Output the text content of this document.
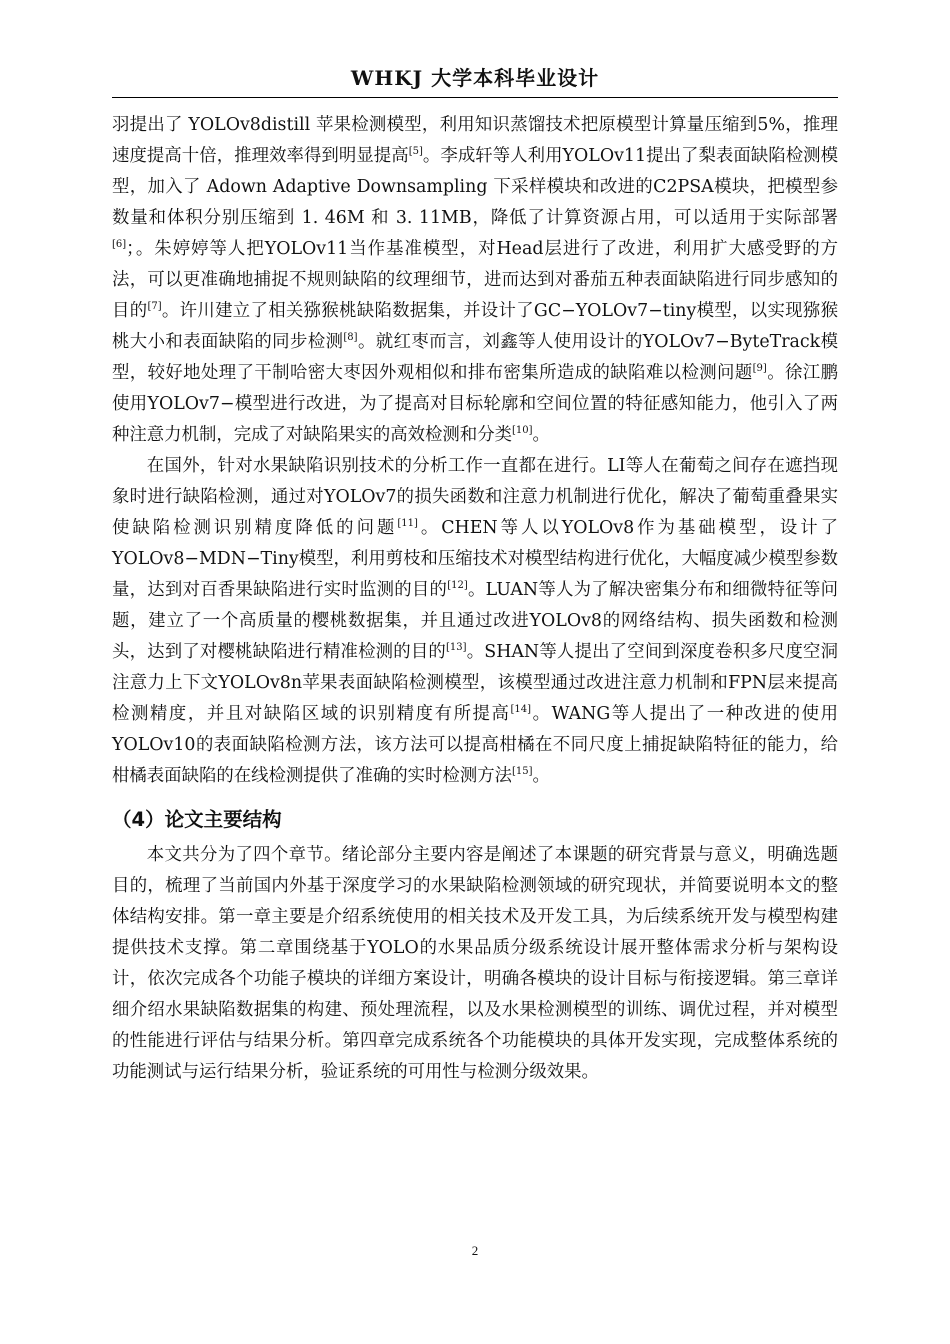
WHKJ 大学本科毕业设计

羽提出了 YOLOv8distill 苹果检测模型，利用知识蒸馏技术把原模型计算量压缩到5%，推理速度提高十倍，推理效率得到明显提高[5]。李成轩等人利用YOLOv11提出了梨表面缺陷检测模型，加入了 Adown Adaptive Downsampling 下采样模块和改进的C2PSA模块，把模型参数量和体积分别压缩到 1. 46M 和 3. 11MB，降低了计算资源占用，可以适用于实际部署[6]；。朱婷婷等人把YOLOv11当作基准模型，对Head层进行了改进，利用扩大感受野的方法，可以更准确地捕捉不规则缺陷的纹理细节，进而达到对番茄五种表面缺陷进行同步感知的目的[7]。许川建立了相关猕猴桃缺陷数据集，并设计了GC−YOLOv7−tiny模型，以实现猕猴桃大小和表面缺陷的同步检测[8]。就红枣而言，刘鑫等人使用设计的YOLOv7−ByteTrack模型，较好地处理了干制哈密大枣因外观相似和排布密集所造成的缺陷难以检测问题[9]。徐江鹏使用YOLOv7−模型进行改进，为了提高对目标轮廓和空间位置的特征感知能力，他引入了两种注意力机制，完成了对缺陷果实的高效检测和分类[10]。

在国外，针对水果缺陷识别技术的分析工作一直都在进行。LI等人在葡萄之间存在遮挡现象时进行缺陷检测，通过对YOLOv7的损失函数和注意力机制进行优化，解决了葡萄重叠果实使缺陷检测识别精度降低的问题[11]。CHEN等人以YOLOv8作为基础模型，设计了YOLOv8−MDN−Tiny模型，利用剪枝和压缩技术对模型结构进行优化，大幅度减少模型参数量，达到对百香果缺陷进行实时监测的目的[12]。LUAN等人为了解决密集分布和细微特征等问题，建立了一个高质量的樱桃数据集，并且通过改进YOLOv8的网络结构、损失函数和检测头，达到了对樱桃缺陷进行精准检测的目的[13]。SHAN等人提出了空间到深度卷积多尺度空洞注意力上下文YOLOv8n苹果表面缺陷检测模型，该模型通过改进注意力机制和FPN层来提高检测精度，并且对缺陷区域的识别精度有所提高[14]。WANG等人提出了一种改进的使用YOLOv10的表面缺陷检测方法，该方法可以提高柑橘在不同尺度上捕捉缺陷特征的能力，给柑橘表面缺陷的在线检测提供了准确的实时检测方法[15]。

（4）论文主要结构

本文共分为了四个章节。绪论部分主要内容是阐述了本课题的研究背景与意义，明确选题目的，梳理了当前国内外基于深度学习的水果缺陷检测领域的研究现状，并简要说明本文的整体结构安排。第一章主要是介绍系统使用的相关技术及开发工具，为后续系统开发与模型构建提供技术支撑。第二章围绕基于YOLO的水果品质分级系统设计展开整体需求分析与架构设计，依次完成各个功能子模块的详细方案设计，明确各模块的设计目标与衔接逻辑。第三章详细介绍水果缺陷数据集的构建、预处理流程，以及水果检测模型的训练、调优过程，并对模型的性能进行评估与结果分析。第四章完成系统各个功能模块的具体开发实现，完成整体系统的功能测试与运行结果分析，验证系统的可用性与检测分级效果。

2
